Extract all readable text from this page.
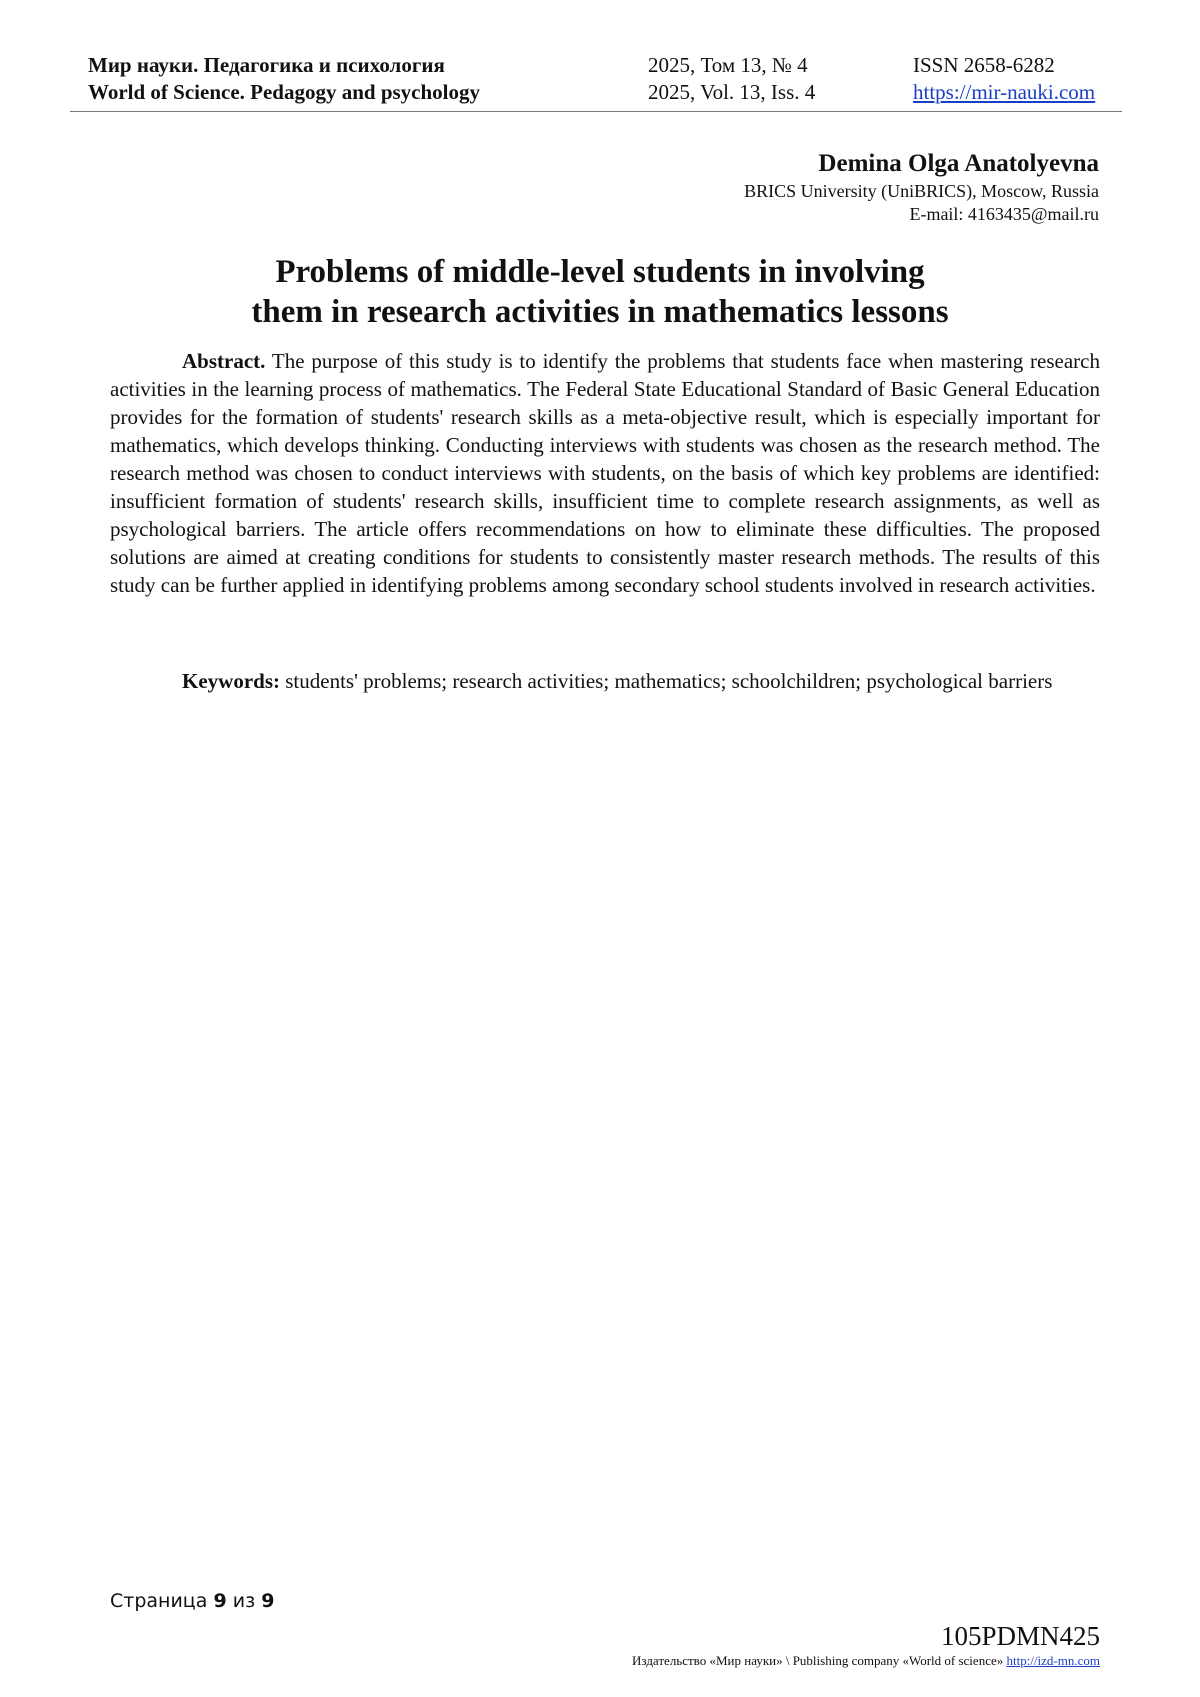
Мир науки. Педагогика и психология	2025, Том 13, № 4	ISSN 2658-6282
World of Science. Pedagogy and psychology	2025, Vol. 13, Iss. 4	https://mir-nauki.com
Demina Olga Anatolyevna
BRICS University (UniBRICS), Moscow, Russia
E-mail: 4163435@mail.ru
Problems of middle-level students in involving
them in research activities in mathematics lessons

Abstract. The purpose of this study is to identify the problems that students face when mastering research activities in the learning process of mathematics. The Federal State Educational Standard of Basic General Education provides for the formation of students' research skills as a meta-objective result, which is especially important for mathematics, which develops thinking. Conducting interviews with students was chosen as the research method. The research method was chosen to conduct interviews with students, on the basis of which key problems are identified: insufficient formation of students' research skills, insufficient time to complete research assignments, as well as psychological barriers. The article offers recommendations on how to eliminate these difficulties. The proposed solutions are aimed at creating conditions for students to consistently master research methods. The results of this study can be further applied in identifying problems among secondary school students involved in research activities.

Keywords: students' problems; research activities; mathematics; schoolchildren; psychological barriers

Страница 9 из 9
105PDMN425
Издательство «Мир науки» \ Publishing company «World of science» http://izd-mn.com
